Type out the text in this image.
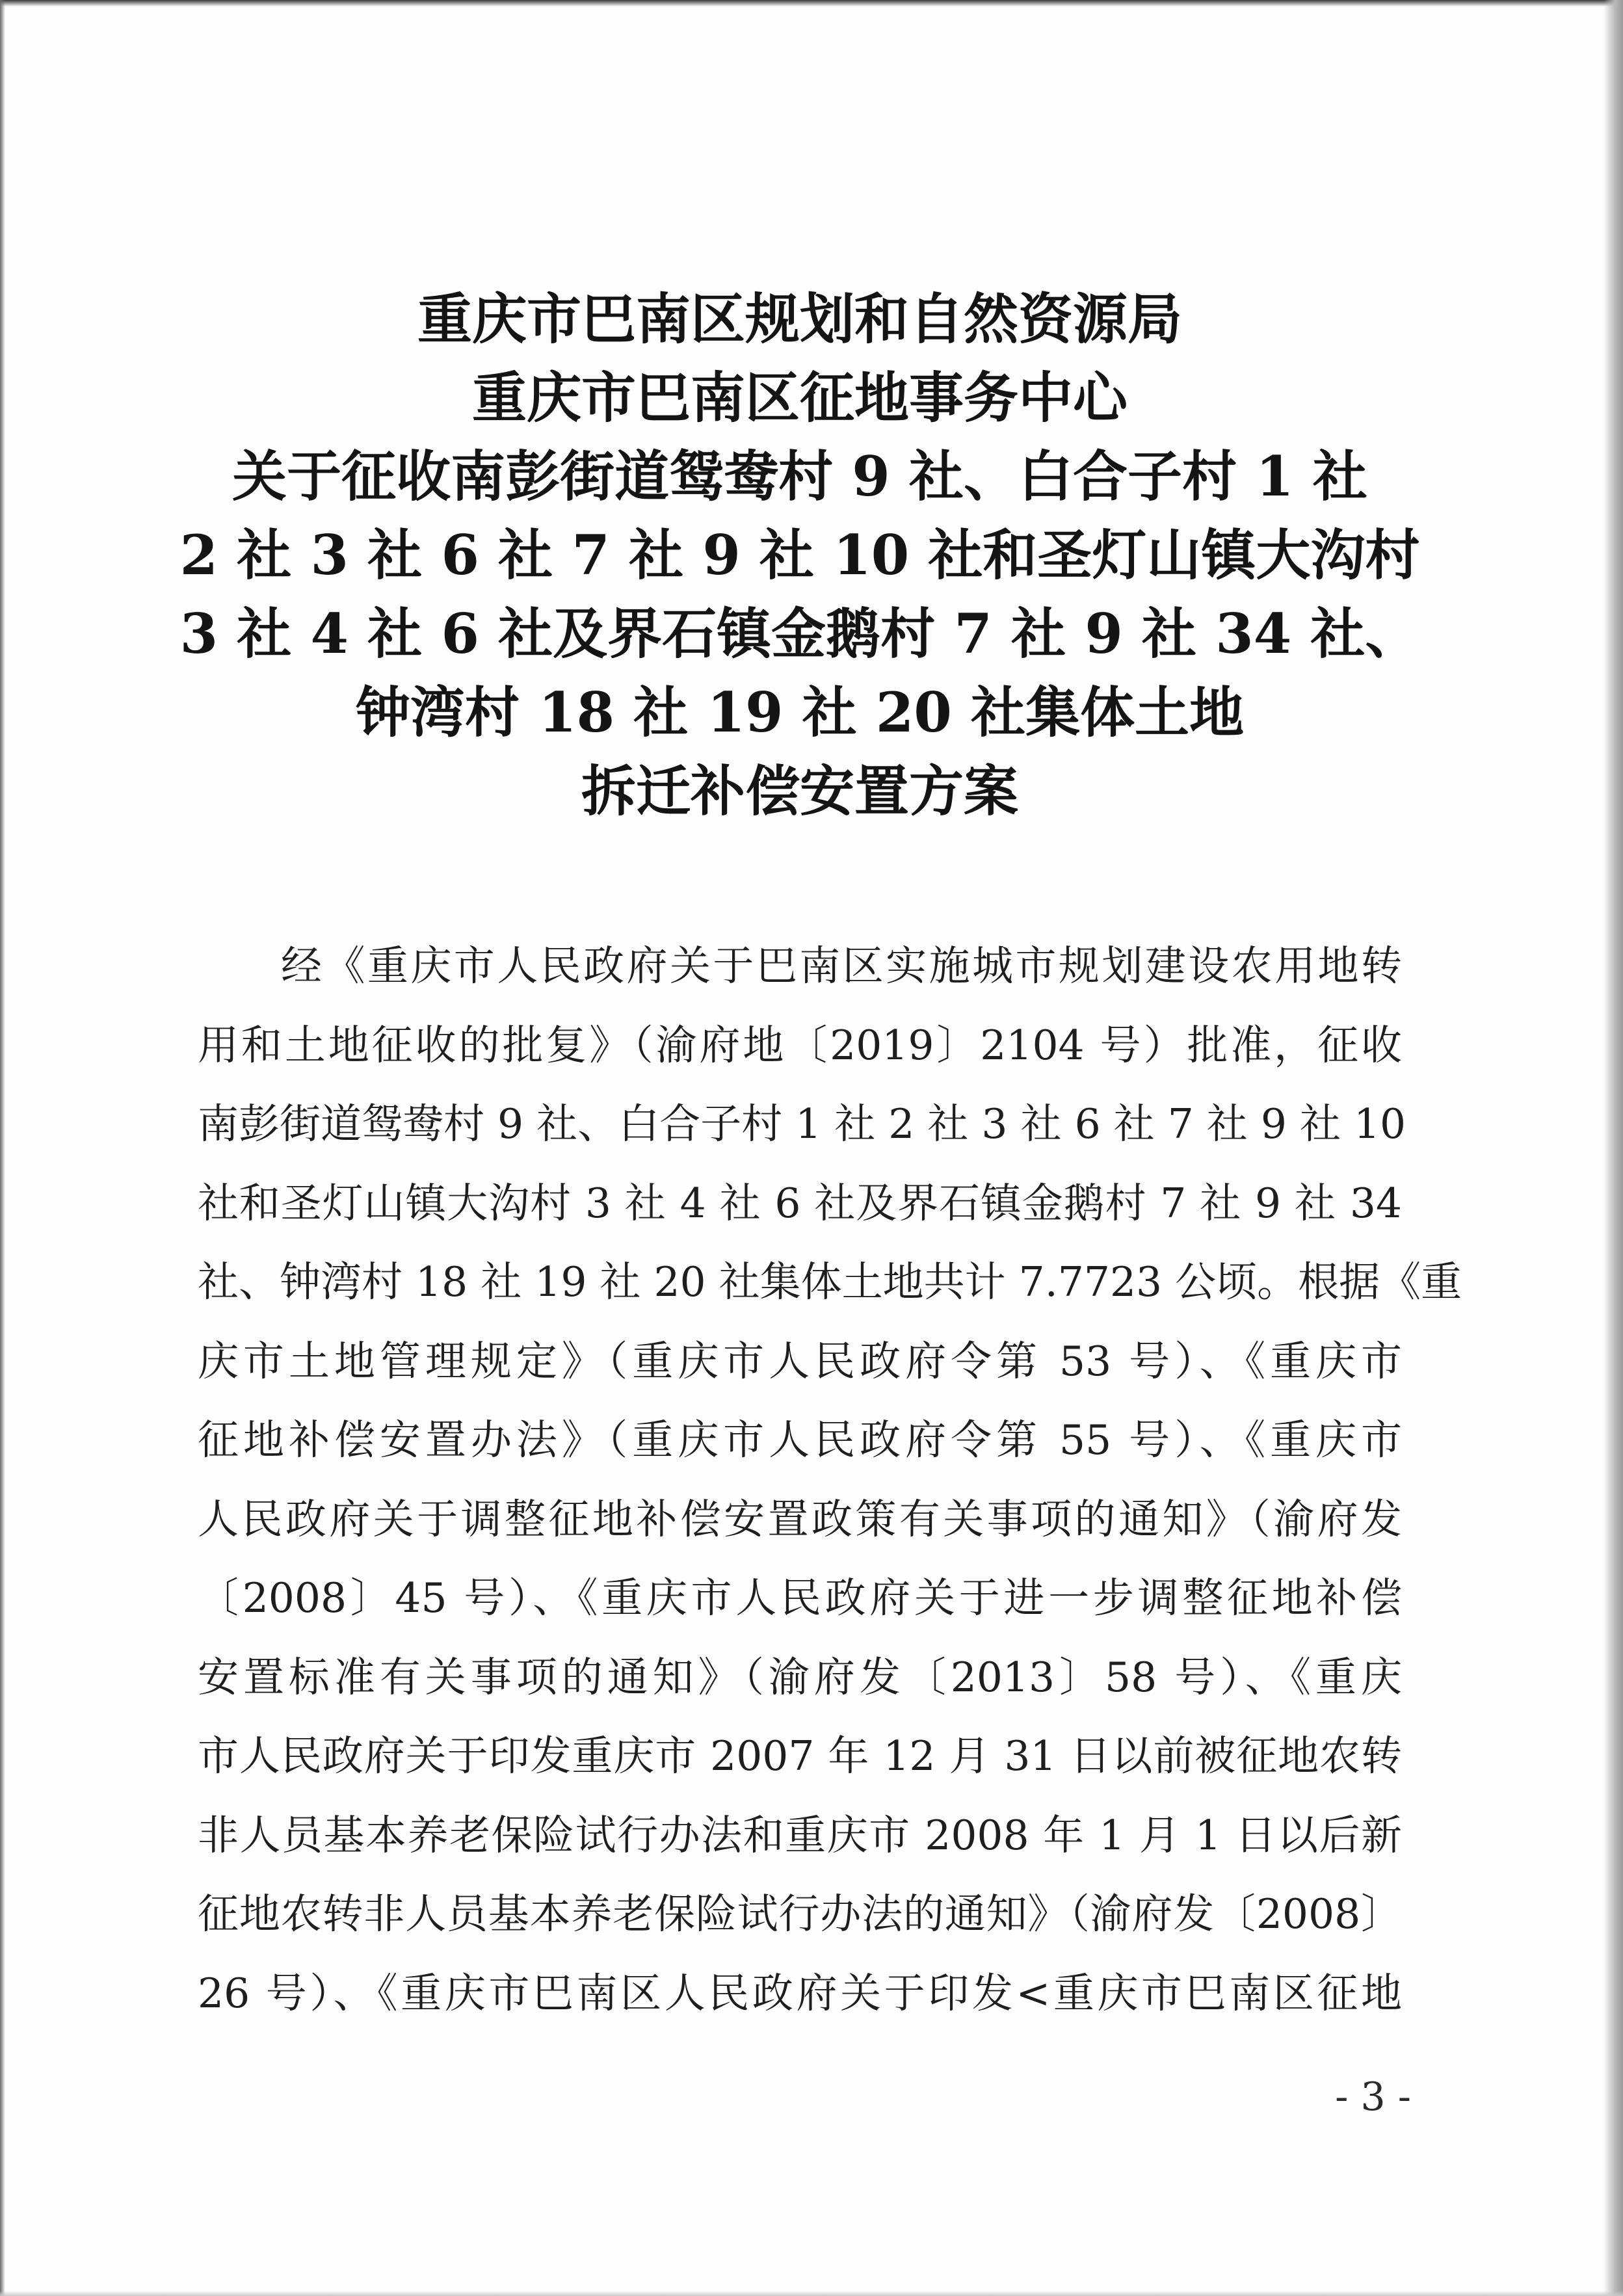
重庆市巴南区规划和自然资源局
重庆市巴南区征地事务中心
关于征收南彭街道鸳鸯村 9 社、白合子村 1 社
2 社 3 社 6 社 7 社 9 社 10 社和圣灯山镇大沟村
3 社 4 社 6 社及界石镇金鹅村 7 社 9 社 34 社、
钟湾村 18 社 19 社 20 社集体土地
拆迁补偿安置方案
经《重庆市人民政府关于巴南区实施城市规划建设农用地转
用和土地征收的批复》（渝府地〔2019〕2104 号）批准，征收
南彭街道鸳鸯村 9 社、白合子村 1 社 2 社 3 社 6 社 7 社 9 社 10
社和圣灯山镇大沟村 3 社 4 社 6 社及界石镇金鹅村 7 社 9 社 34
社、钟湾村 18 社 19 社 20 社集体土地共计 7.7723 公顷。根据《重
庆市土地管理规定》（重庆市人民政府令第 53 号）、《重庆市
征地补偿安置办法》（重庆市人民政府令第 55 号）、《重庆市
人民政府关于调整征地补偿安置政策有关事项的通知》（渝府发
〔2008〕45 号）、《重庆市人民政府关于进一步调整征地补偿
安置标准有关事项的通知》（渝府发〔2013〕58 号）、《重庆
市人民政府关于印发重庆市 2007 年 12 月 31 日以前被征地农转
非人员基本养老保险试行办法和重庆市 2008 年 1 月 1 日以后新
征地农转非人员基本养老保险试行办法的通知》（渝府发〔2008〕
26 号）、《重庆市巴南区人民政府关于印发<重庆市巴南区征地
- 3 -
